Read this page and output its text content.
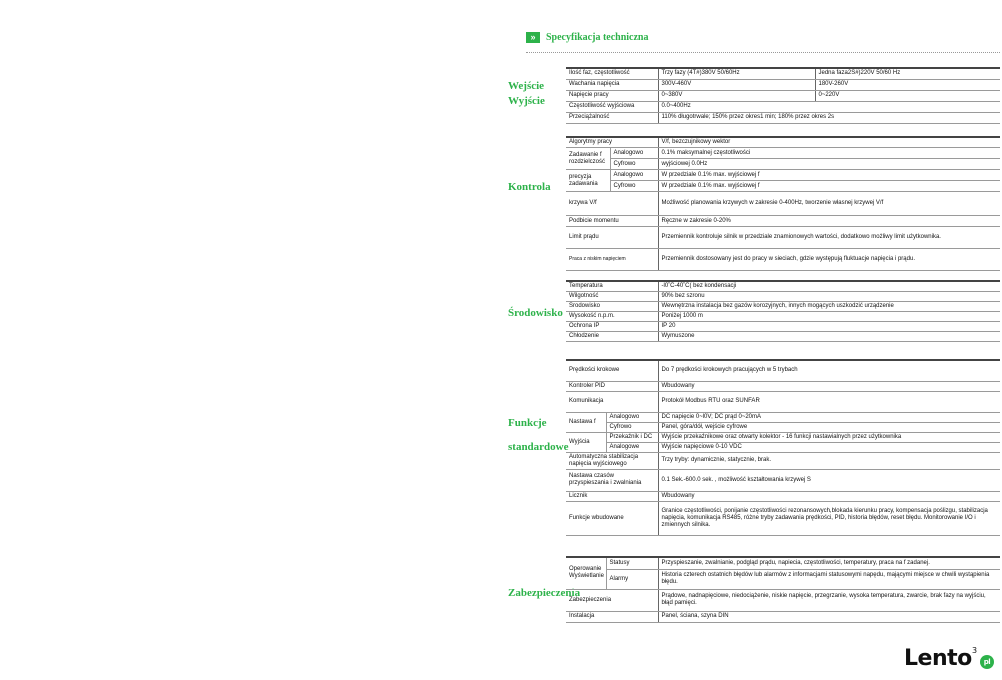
»	Specyfikacja techniczna
Wejście
Wyjście
Kontrola
Środowisko
Funkcje
standardowe
Zabezpieczenia
Ilość faz, częstotliwość	Trzy fazy (4T#)380V 50/60Hz	Jedna faza2S#)220V 50/60 Hz
Wachania napięcia	300V-460V	180V-260V
Napięcie pracy	0~380V	0~220V
Częstotliwość wyjściowa	0.0~400Hz	
Przeciążalność	110% długotrwale; 150% przez okres1 min; 180% przez okres 2s	
Algorytmy pracy		V/f, bezczujnikowy wektor
Zadawanie f rozdzielczość	Analogowo	0.1% maksymalnej częstotliwości
	Cyfrowo	wyjściowej 0.0Hz
precyzja zadawania	Analogowo	W przedziale 0.1% max. wyjściowej f
	Cyfrowo	W przedziale 0.1% max. wyjściowej f
krzywa V/f		Możliwość planowania krzywych w zakresie 0-400Hz, tworzenie własnej krzywej V/f
Podbicie momentu		Ręczne w zakresie 0-20%
Limit prądu		Przemiennik kontroluje silnik w przedziale znamionowych wartości, dodatkowo możliwy limit użytkownika.
Praca z niskim napięciem		Przemiennik dostosowany jest do pracy w sieciach, gdzie występują fluktuacje napięcia i prądu.
Temperatura	-l0˚C-40˚C( bez kondensacji
Wilgotność	90% bez szronu
Środowisko	Wewnętrzna instalacja bez gazów korozyjnych, innych mogących uszkodzić urządzenie
Wysokość n.p.m.	Poniżej 1000 m
Ochrona IP	IP 20
Chłodzenie	Wymuszone
Prędkości krokowe		Do 7 prędkości krokowych pracujących w 5 trybach
Kontroler PID		Wbudowany
Komunikacja		Protokół Modbus RTU oraz SUNFAR
Nastawa f	Analogowo	DC napięcie 0~l0V; DC prąd 0~20mA
	Cyfrowo	Panel, góra/dół, wejście cyfrowe
Wyjścia	Przekaźnik i DC	Wyjście przekaźnikowe oraz otwarty kolektor - 16 funkcji nastawialnych przez użytkownika
	Analogowe	Wyjście napięciowe 0-10 VDC
Automatyczna stabilizacja napięcia wyjściowego		Trzy tryby: dynamicznie, statycznie, brak.
Nastawa czasów przyspieszania i zwalniania		0.1 Sek.-600.0 sek. , możliwość kształtowania krzywej S
Licznik		Wbudowany
Funkcje wbudowane		Granice częstotliwości, ponijanie częstotliwości rezonansowych,blokada kierunku pracy, kompensacja poślizgu, stabilizacja napięcia, komunikacja RS485, różne tryby zadawania prędkości, PID, historia błędów, reset błędu. Monitorowanie I/O i zmiennych silnika.
Operowanie Wyświetlanie	Statusy	Przyspieszanie, zwalnianie, podgląd prądu, napiecia, częstotliwości, temperatury, praca na f zadanej.
	Alarmy	Historia czterech ostatnich błędów lub alarmów z informacjami statusowymi napędu, mającymi miejsce w chwili wystąpienia błędu.
Zabezpieczenia		Prądowe, nadnapięciowe, niedociążenie, niskie napięcie, przegrzanie, wysoka temperatura, zwarcie, brak fazy na wyjściu, błąd pamięci.
Instalacja		Panel, ściana, szyna DIN
Lento 3
pl
